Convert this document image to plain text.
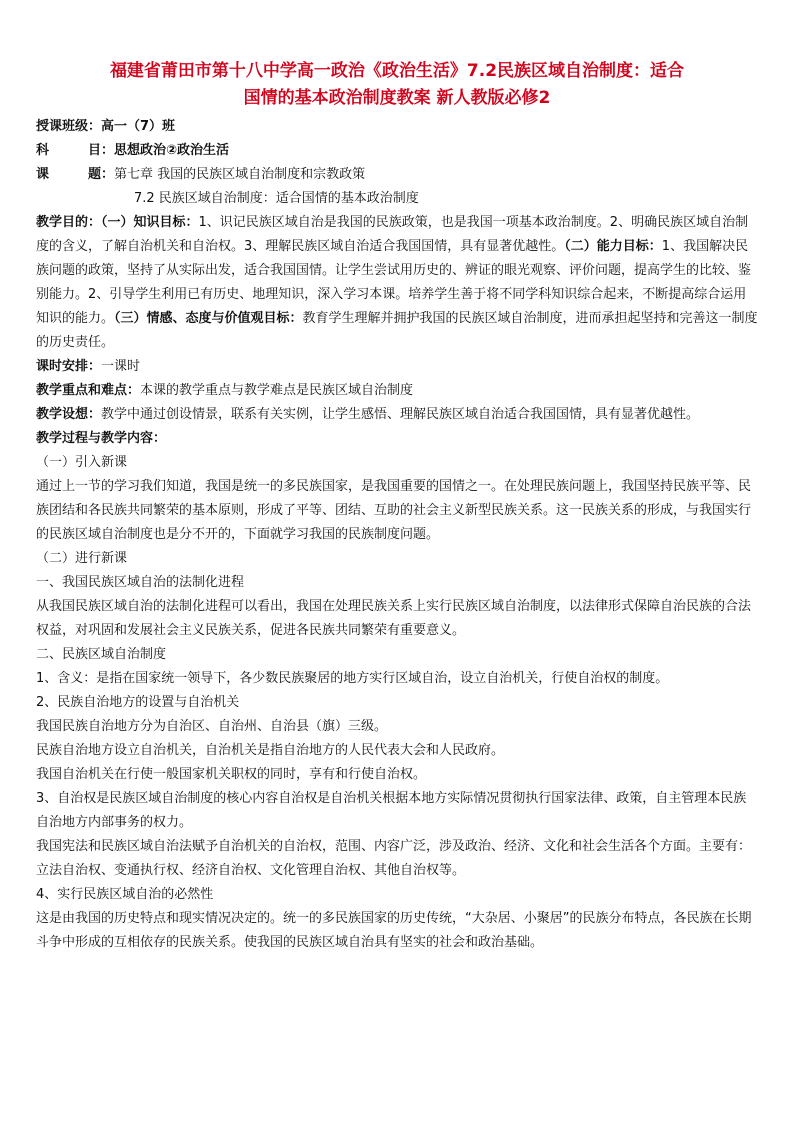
福建省莆田市第十八中学高一政治《政治生活》7.2民族区域自治制度：适合
国情的基本政治制度教案 新人教版必修2

授课班级：高一（7）班

科	目：思想政治②政治生活

课	题：第七章 我国的民族区域自治制度和宗教政策

7.2 民族区域自治制度：适合国情的基本政治制度

教学目的：（一）知识目标：1、识记民族区域自治是我国的民族政策，也是我国一项基本政治制度。2、明确民族区域自治制度的含义，了解自治机关和自治权。3、理解民族区域自治适合我国国情，具有显著优越性。（二）能力目标：1、我国解决民族问题的政策，坚持了从实际出发，适合我国国情。让学生尝试用历史的、辨证的眼光观察、评价问题，提高学生的比较、鉴别能力。2、引导学生利用已有历史、地理知识，深入学习本课。培养学生善于将不同学科知识综合起来，不断提高综合运用知识的能力。（三）情感、态度与价值观目标：教育学生理解并拥护我国的民族区域自治制度，进而承担起坚持和完善这一制度的历史责任。

课时安排：一课时

教学重点和难点：本课的教学重点与教学难点是民族区域自治制度

教学设想：教学中通过创设情景，联系有关实例，让学生感悟、理解民族区域自治适合我国国情，具有显著优越性。

教学过程与教学内容：

（一）引入新课

通过上一节的学习我们知道，我国是统一的多民族国家，是我国重要的国情之一。在处理民族问题上，我国坚持民族平等、民族团结和各民族共同繁荣的基本原则，形成了平等、团结、互助的社会主义新型民族关系。这一民族关系的形成，与我国实行的民族区域自治制度也是分不开的，下面就学习我国的民族制度问题。

（二）进行新课

一、我国民族区域自治的法制化进程

从我国民族区域自治的法制化进程可以看出，我国在处理民族关系上实行民族区域自治制度，以法律形式保障自治民族的合法权益，对巩固和发展社会主义民族关系，促进各民族共同繁荣有重要意义。

二、民族区域自治制度

1、含义：是指在国家统一领导下，各少数民族聚居的地方实行区域自治，设立自治机关，行使自治权的制度。

2、民族自治地方的设置与自治机关

我国民族自治地方分为自治区、自治州、自治县（旗）三级。

民族自治地方设立自治机关，自治机关是指自治地方的人民代表大会和人民政府。

我国自治机关在行使一般国家机关职权的同时，享有和行使自治权。

3、自治权是民族区域自治制度的核心内容自治权是自治机关根据本地方实际情况贯彻执行国家法律、政策，自主管理本民族自治地方内部事务的权力。

我国宪法和民族区域自治法赋予自治机关的自治权，范围、内容广泛，涉及政治、经济、文化和社会生活各个方面。主要有：立法自治权、变通执行权、经济自治权、文化管理自治权、其他自治权等。

4、实行民族区域自治的必然性

这是由我国的历史特点和现实情况决定的。统一的多民族国家的历史传统，“大杂居、小聚居”的民族分布特点，各民族在长期斗争中形成的互相依存的民族关系。使我国的民族区域自治具有坚实的社会和政治基础。
